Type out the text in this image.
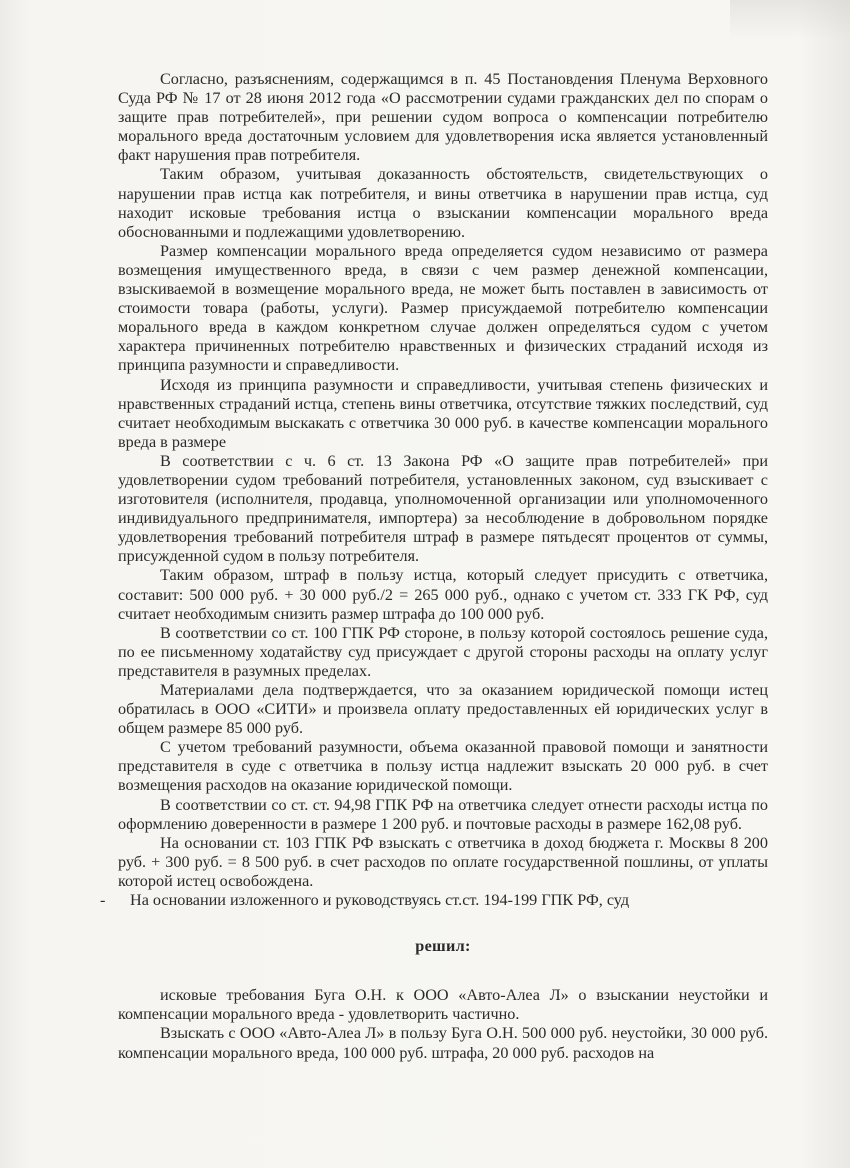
Согласно, разъяснениям, содержащимся в п. 45 Постановдения Пленума Верховного Суда РФ № 17 от 28 июня 2012 года «О рассмотрении судами гражданских дел по спорам о защите прав потребителей», при решении судом вопроса о компенсации потребителю морального вреда достаточным условием для удовлетворения иска является установленный факт нарушения прав потребителя.

Таким образом, учитывая доказанность обстоятельств, свидетельствующих о нарушении прав истца как потребителя, и вины ответчика в нарушении прав истца, суд находит исковые требования истца о взыскании компенсации морального вреда обоснованными и подлежащими удовлетворению.

Размер компенсации морального вреда определяется судом независимо от размера возмещения имущественного вреда, в связи с чем размер денежной компенсации, взыскиваемой в возмещение морального вреда, не может быть поставлен в зависимость от стоимости товара (работы, услуги). Размер присуждаемой потребителю компенсации морального вреда в каждом конкретном случае должен определяться судом с учетом характера причиненных потребителю нравственных и физических страданий исходя из принципа разумности и справедливости.

Исходя из принципа разумности и справедливости, учитывая степень физических и нравственных страданий истца, степень вины ответчика, отсутствие тяжких последствий, суд считает необходимым выскакать с ответчика 30 000 руб. в качестве компенсации морального вреда в размере

В соответствии с ч. 6 ст. 13 Закона РФ «О защите прав потребителей» при удовлетворении судом требований потребителя, установленных законом, суд взыскивает с изготовителя (исполнителя, продавца, уполномоченной организации или уполномоченного индивидуального предпринимателя, импортера) за несоблюдение в добровольном порядке удовлетворения требований потребителя штраф в размере пятьдесят процентов от суммы, присужденной судом в пользу потребителя.

Таким образом, штраф в пользу истца, который следует присудить с ответчика, составит: 500 000 руб. + 30 000 руб./2 = 265 000 руб., однако с учетом ст. 333 ГК РФ, суд считает необходимым снизить размер штрафа до 100 000 руб.

В соответствии со ст. 100 ГПК РФ стороне, в пользу которой состоялось решение суда, по ее письменному ходатайству суд присуждает с другой стороны расходы на оплату услуг представителя в разумных пределах.

Материалами дела подтверждается, что за оказанием юридической помощи истец обратилась в ООО «СИТИ» и произвела оплату предоставленных ей юридических услуг в общем размере 85 000 руб.

С учетом требований разумности, объема оказанной правовой помощи и занятности представителя в суде с ответчика в пользу истца надлежит взыскать 20 000 руб. в счет возмещения расходов на оказание юридической помощи.

В соответствии со ст. ст. 94,98 ГПК РФ на ответчика следует отнести расходы истца по оформлению доверенности в размере 1 200 руб. и почтовые расходы в размере 162,08 руб.

На основании ст. 103 ГПК РФ взыскать с ответчика в доход бюджета г. Москвы 8 200 руб. + 300 руб. = 8 500 руб. в счет расходов по оплате государственной пошлины, от уплаты которой истец освобождена.

- На основании изложенного и руководствуясь ст.ст. 194-199 ГПК РФ, суд

решил:

исковые требования Буга О.Н. к ООО «Авто-Алеа Л» о взыскании неустойки и компенсации морального вреда - удовлетворить частично.

Взыскать с ООО «Авто-Алеа Л» в пользу Буга О.Н. 500 000 руб. неустойки, 30 000 руб. компенсации морального вреда, 100 000 руб. штрафа, 20 000 руб. расходов на
